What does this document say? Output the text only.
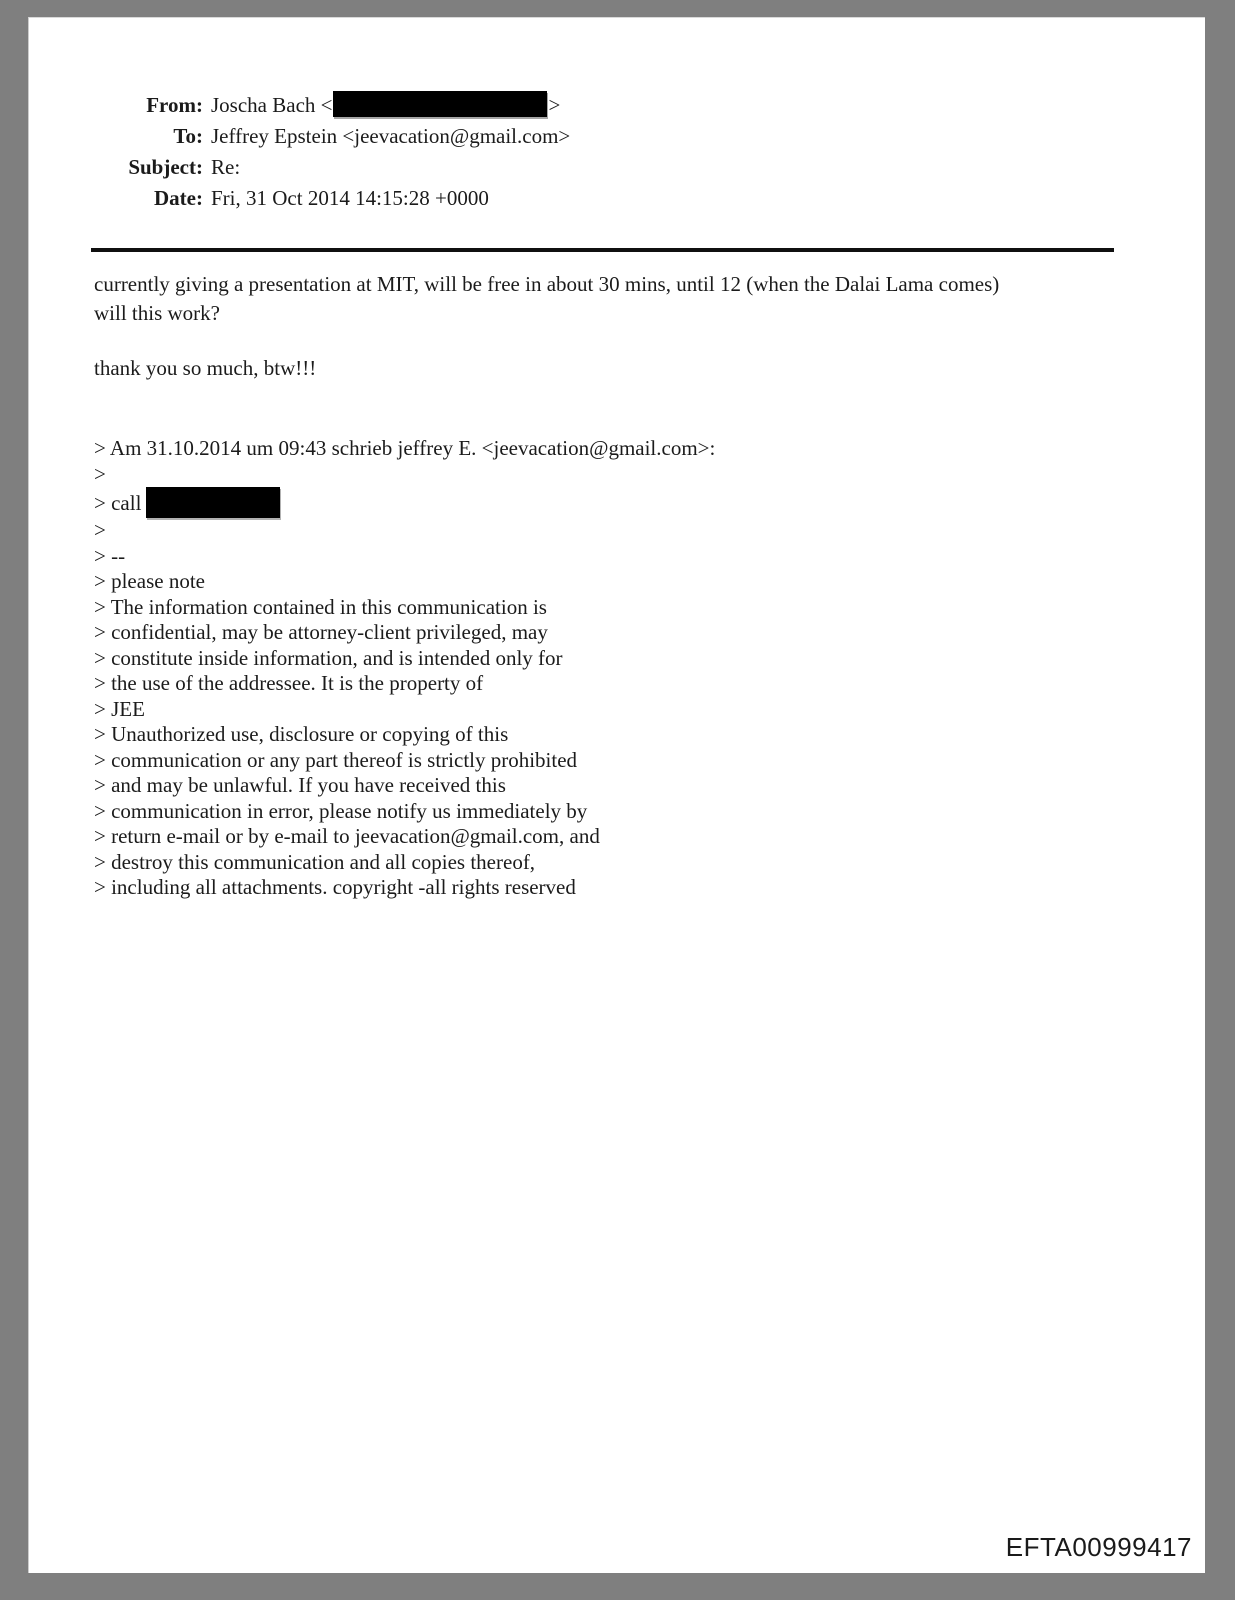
From: Joscha Bach <	>
To: Jeffrey Epstein <jeevacation@gmail.com>
Subject: Re:
Date: Fri, 31 Oct 2014 14:15:28 +0000
currently giving a presentation at MIT, will be free in about 30 mins, until 12 (when the Dalai Lama comes)
will this work?
thank you so much, btw!!!
> Am 31.10.2014 um 09:43 schrieb jeffrey E. <jeevacation@gmail.com>:
>
> call
>
> --
> please note
> The information contained in this communication is
> confidential, may be attorney-client privileged, may
> constitute inside information, and is intended only for
> the use of the addressee. It is the property of
> JEE
> Unauthorized use, disclosure or copying of this
> communication or any part thereof is strictly prohibited
> and may be unlawful. If you have received this
> communication in error, please notify us immediately by
> return e-mail or by e-mail to jeevacation@gmail.com, and
> destroy this communication and all copies thereof,
> including all attachments. copyright -all rights reserved
EFTA00999417
